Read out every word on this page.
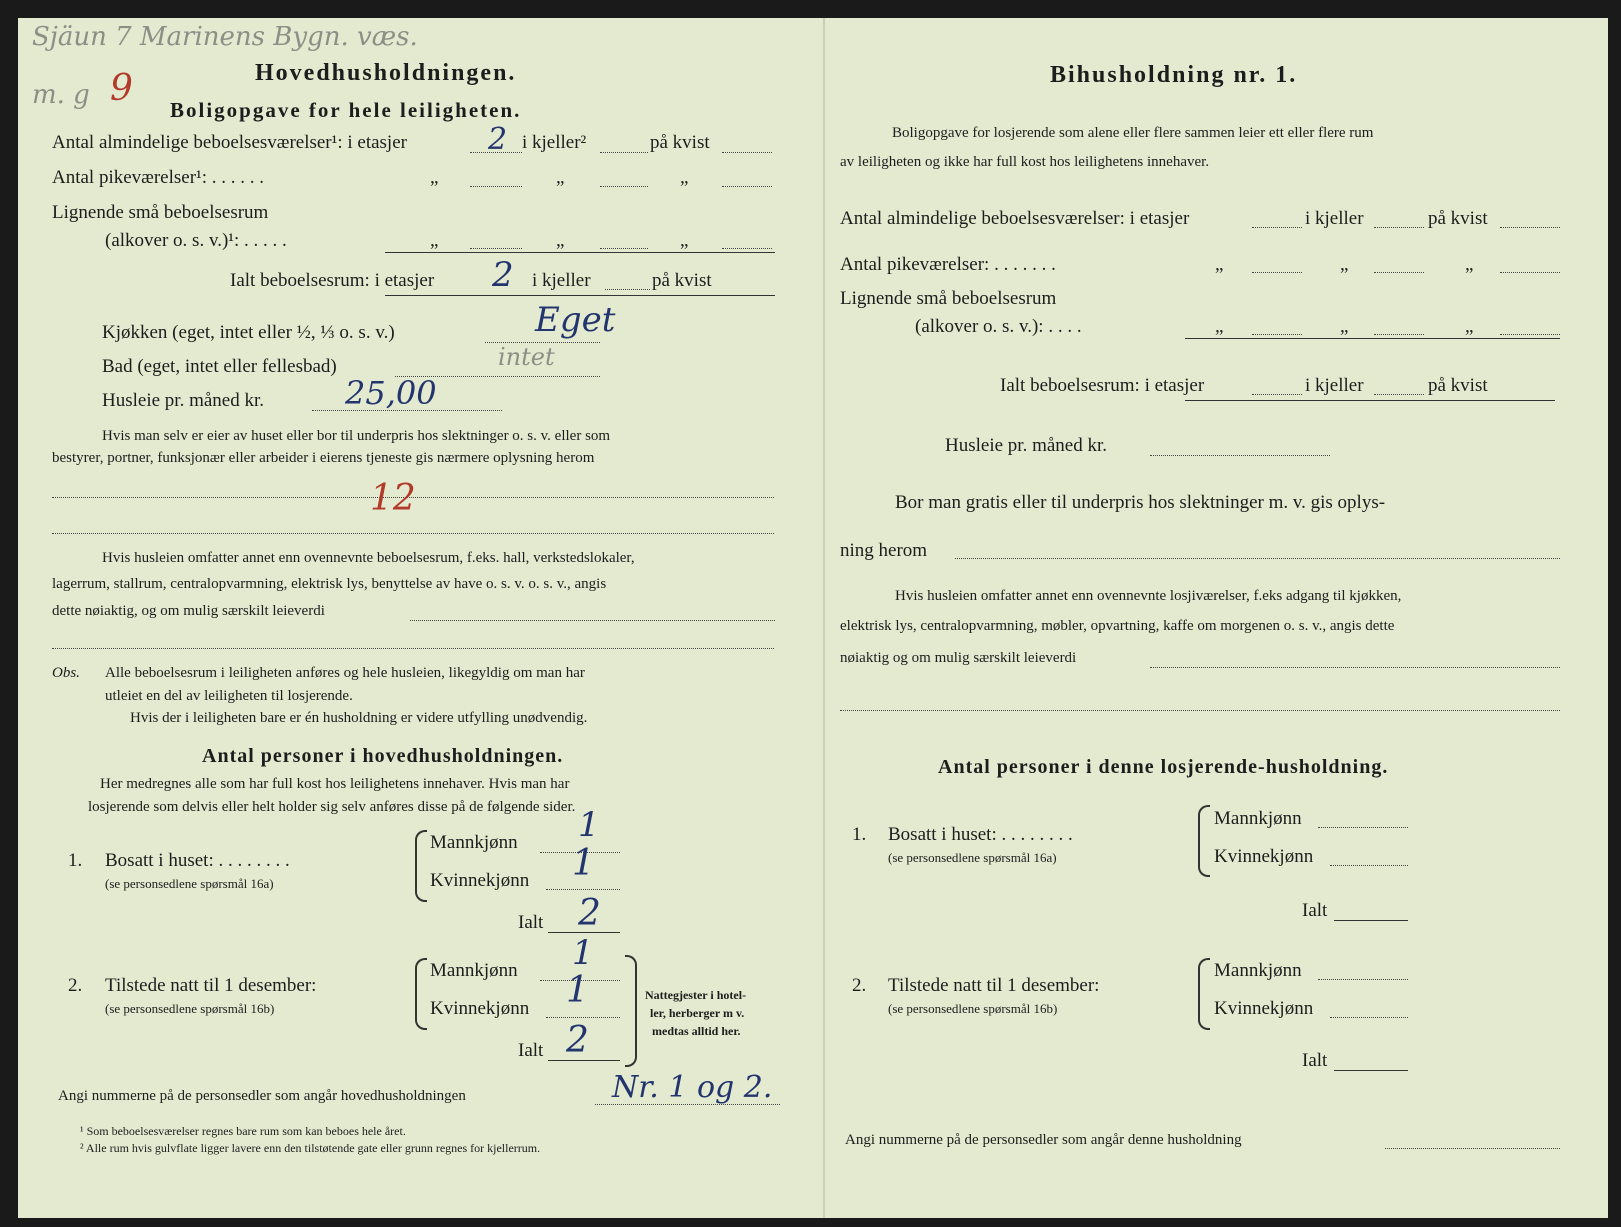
Sjäun 7 Marinens Bygn. væs.
m. g 9	Hovedhusholdningen.
Boligopgave for hele leiligheten.
Antal almindelige beboelsesværelser¹: i etasjer	2 i kjeller²	på kvist
Antal pikeværelser¹: . . . . . .	„	„	„
Lignende små beboelsesrum
(alkover o. s. v.)¹: . . . . .	„	„	„
Ialt beboelsesrum: i etasjer 2 i kjeller	på kvist
Kjøkken (eget, intet eller ½, ⅓ o. s. v.)	Eget
Bad (eget, intet eller fellesbad)	intet
Husleie pr. måned kr.	25,00
Hvis man selv er eier av huset eller bor til underpris hos slektninger o. s. v. eller som
bestyrer, portner, funksjonær eller arbeider i eierens tjeneste gis nærmere oplysning herom
12
Hvis husleien omfatter annet enn ovennevnte beboelsesrum, f.eks. hall, verkstedslokaler,
lagerrum, stallrum, centralopvarmning, elektrisk lys, benyttelse av have o. s. v. o. s. v., angis
dette nøiaktig, og om mulig særskilt leieverdi
Obs. Alle beboelsesrum i leiligheten anføres og hele husleien, likegyldig om man har
utleiet en del av leiligheten til losjerende.
Hvis der i leiligheten bare er én husholdning er videre utfylling unødvendig.
Antal personer i hovedhusholdningen.
Her medregnes alle som har full kost hos leilighetens innehaver. Hvis man har
losjerende som delvis eller helt holder sig selv anføres disse på de følgende sider.
1. Bosatt i huset: . . . . . . . .
(se personsedlene spørsmål 16a)
Mannkjønn 1
Kvinnekjønn 1
Ialt 2
2. Tilstede natt til 1 desember:
(se personsedlene spørsmål 16b)
Mannkjønn 1
Kvinnekjønn 1
Ialt 2
Nattegjester i hotel-
ler, herberger m v.
medtas alltid her.
Angi nummerne på de personsedler som angår hovedhusholdningen	Nr. 1 og 2.
¹ Som beboelsesværelser regnes bare rum som kan beboes hele året.
² Alle rum hvis gulvflate ligger lavere enn den tilstøtende gate eller grunn regnes for kjellerrum.
Bihusholdning nr. 1.
Boligopgave for losjerende som alene eller flere sammen leier ett eller flere rum
av leiligheten og ikke har full kost hos leilighetens innehaver.
Antal almindelige beboelsesværelser: i etasjer	i kjeller	på kvist
Antal pikeværelser: . . . . . . .	„	„	„
Lignende små beboelsesrum
(alkover o. s. v.): . . . .	„	„	„
Ialt beboelsesrum: i etasjer	i kjeller	på kvist
Husleie pr. måned kr.
Bor man gratis eller til underpris hos slektninger m. v. gis oplys-
ning herom
Hvis husleien omfatter annet enn ovennevnte losjiværelser, f.eks adgang til kjøkken,
elektrisk lys, centralopvarmning, møbler, opvartning, kaffe om morgenen o. s. v., angis dette
nøiaktig og om mulig særskilt leieverdi
Antal personer i denne losjerende-husholdning.
1. Bosatt i huset: . . . . . . . .
(se personsedlene spørsmål 16a)
Mannkjønn
Kvinnekjønn
Ialt
2. Tilstede natt til 1 desember:
(se personsedlene spørsmål 16b)
Mannkjønn
Kvinnekjønn
Ialt
Angi nummerne på de personsedler som angår denne husholdning
